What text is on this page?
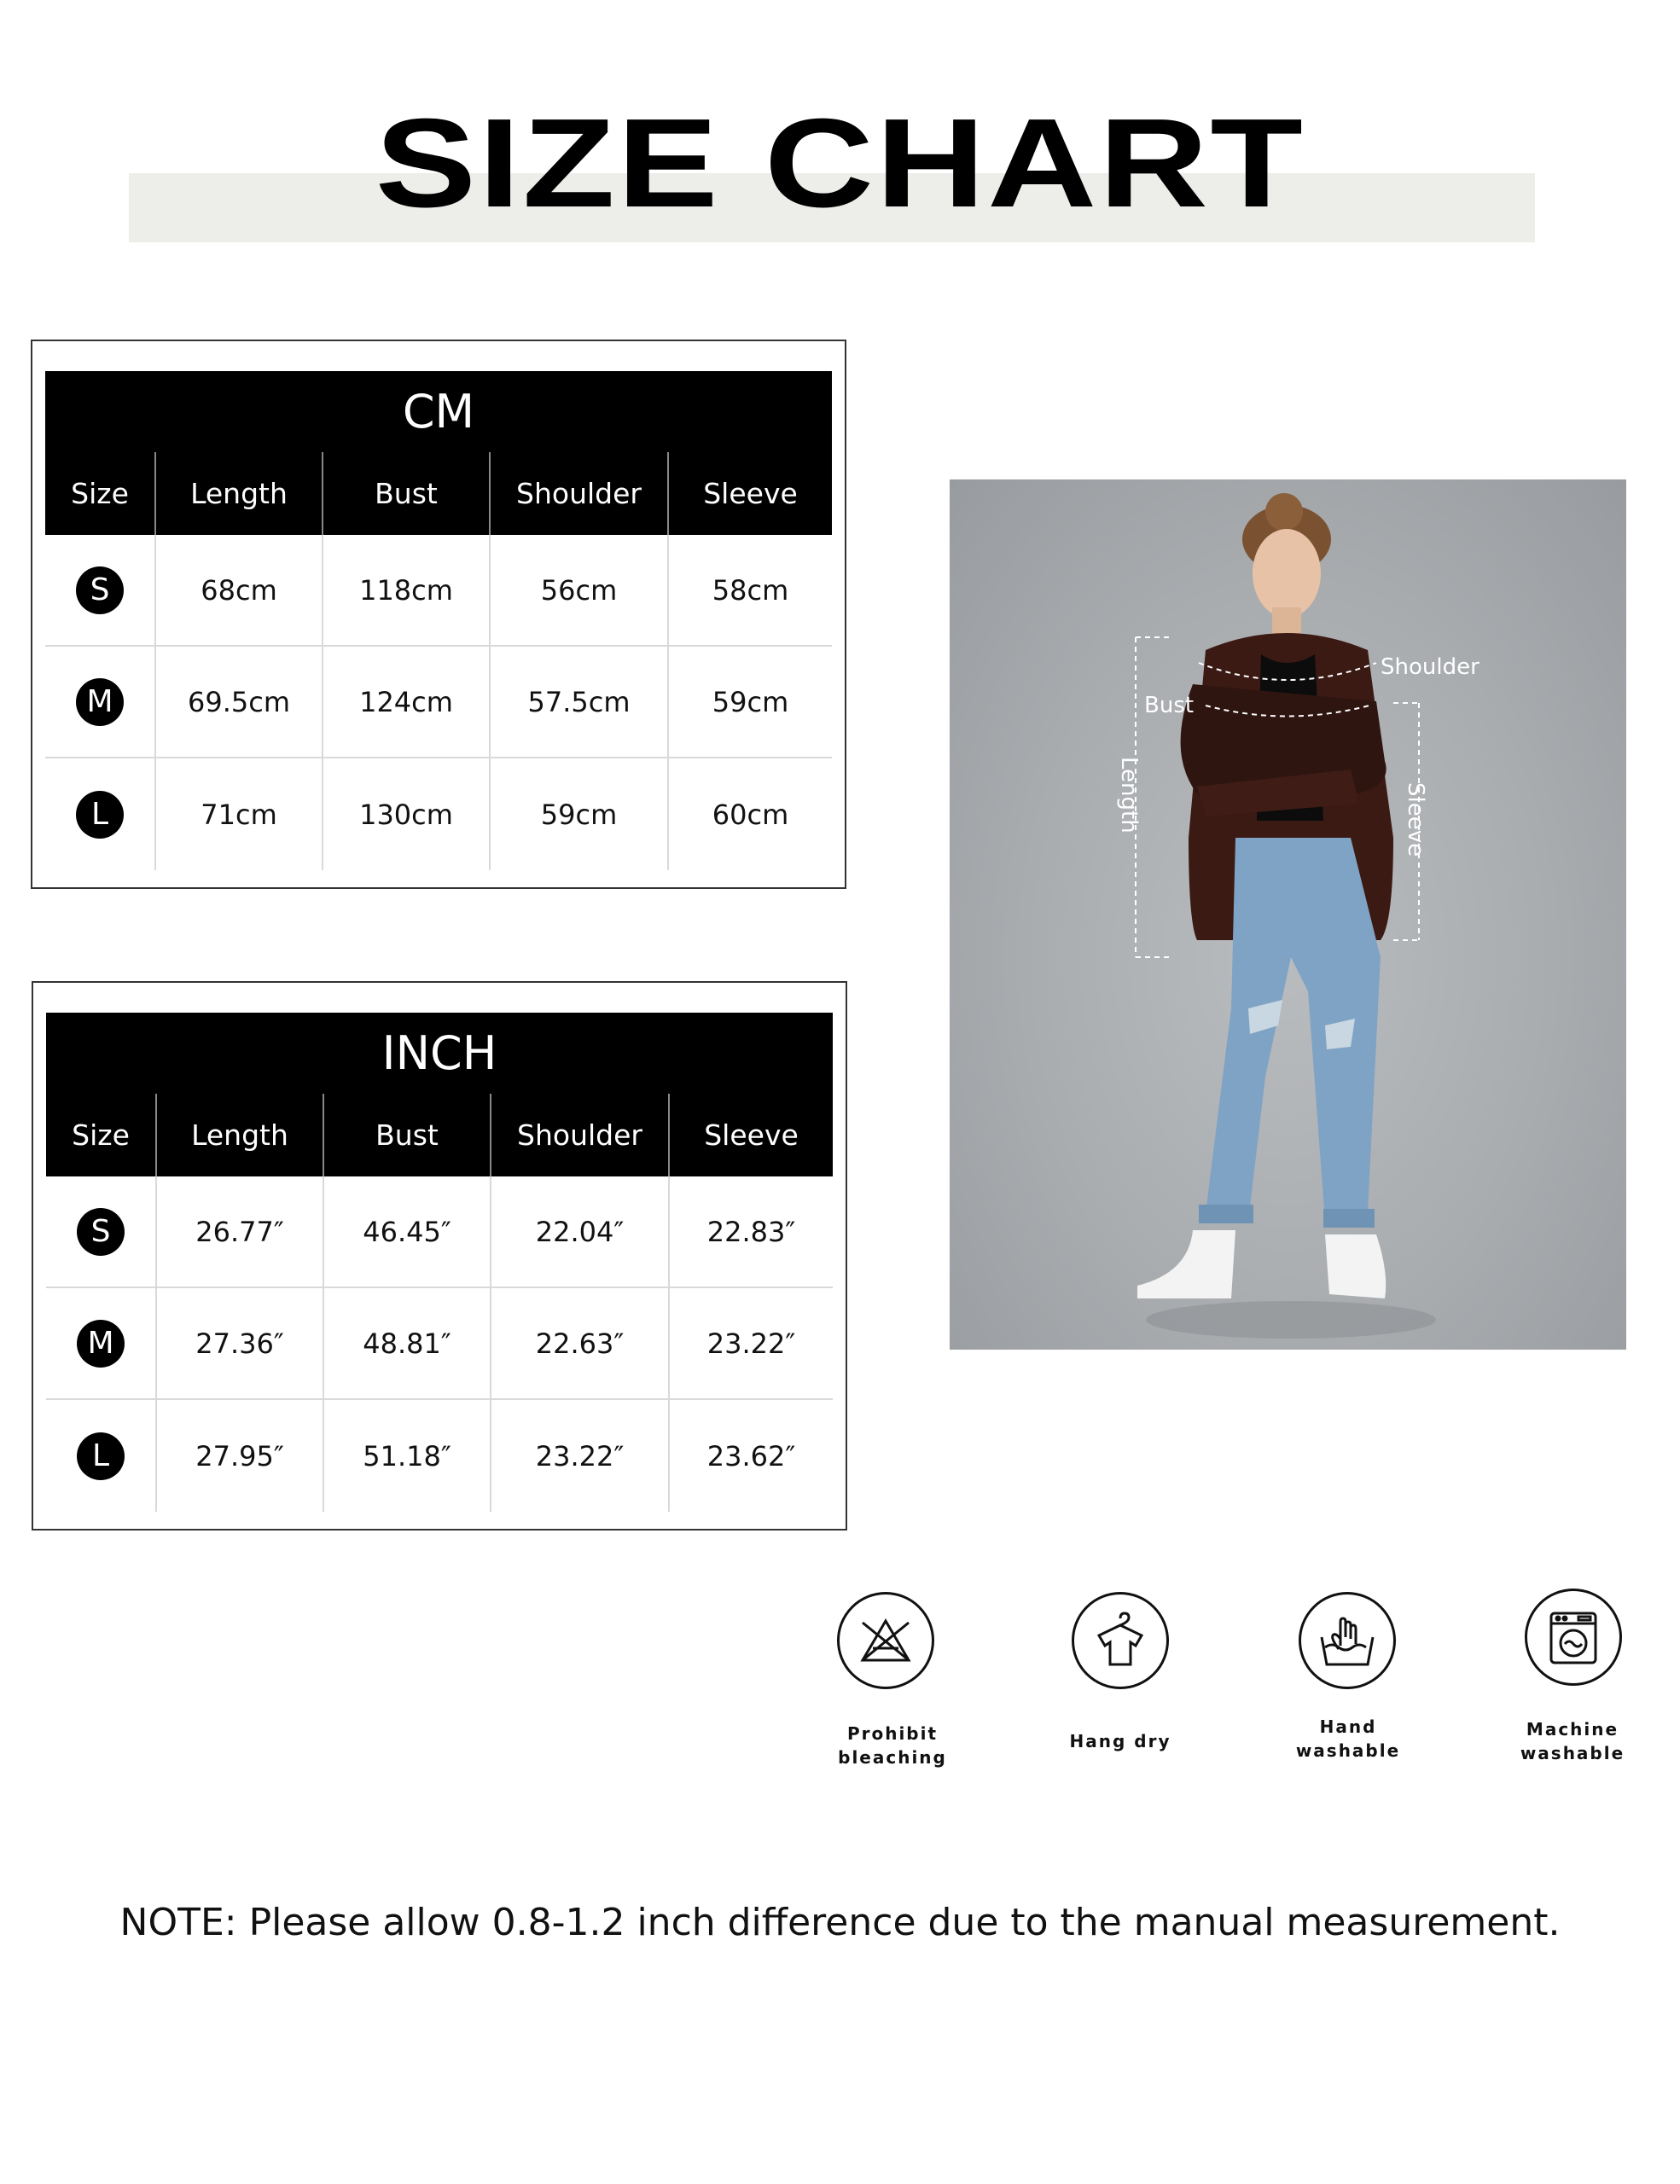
SIZE CHART
CM
Size	Length	Bust	Shoulder	Sleeve
S	68cm	118cm	56cm	58cm
M	69.5cm	124cm	57.5cm	59cm
L	71cm	130cm	59cm	60cm
INCH
Size	Length	Bust	Shoulder	Sleeve
S	26.77″	46.45″	22.04″	22.83″
M	27.36″	48.81″	22.63″	23.22″
L	27.95″	51.18″	23.22″	23.62″
Shoulder
Bust
Length	Sleeve
Prohibit
bleaching
Hang dry
Hand
washable
Machine
washable
NOTE: Please allow 0.8-1.2 inch difference due to the manual measurement.
